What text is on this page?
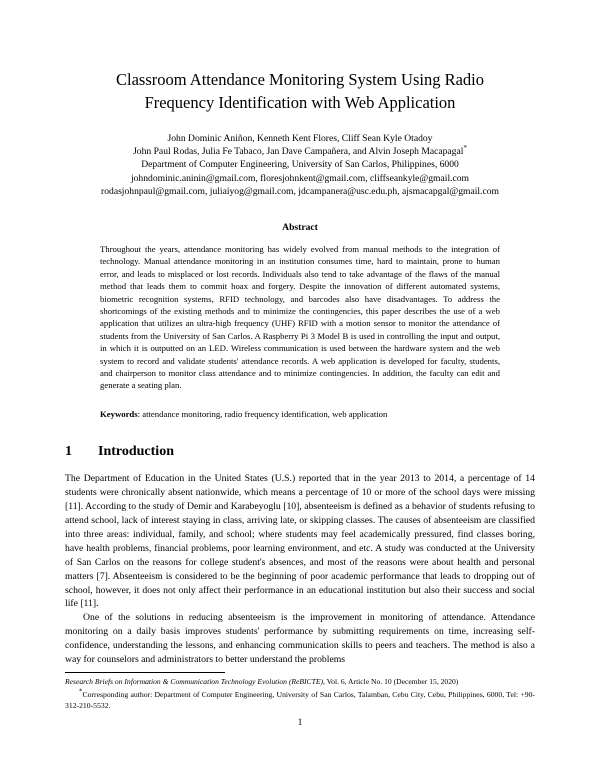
Classroom Attendance Monitoring System Using Radio Frequency Identification with Web Application
John Dominic Aniñon, Kenneth Kent Flores, Cliff Sean Kyle Otadoy
John Paul Rodas, Julia Fe Tabaco, Jan Dave Campañera, and Alvin Joseph Macapagal*
Department of Computer Engineering, University of San Carlos, Philippines, 6000
johndominic.aninin@gmail.com, floresjohnkent@gmail.com, cliffseankyle@gmail.com
rodasjohnpaul@gmail.com, juliaiyog@gmail.com, jdcampanera@usc.edu.ph, ajsmacapgal@gmail.com
Abstract
Throughout the years, attendance monitoring has widely evolved from manual methods to the integration of technology. Manual attendance monitoring in an institution consumes time, hard to maintain, prone to human error, and leads to misplaced or lost records. Individuals also tend to take advantage of the flaws of the manual method that leads them to commit hoax and forgery. Despite the innovation of different automated systems, biometric recognition systems, RFID technology, and barcodes also have disadvantages. To address the shortcomings of the existing methods and to minimize the contingencies, this paper describes the use of a web application that utilizes an ultra-high frequency (UHF) RFID with a motion sensor to monitor the attendance of students from the University of San Carlos. A Raspberry Pi 3 Model B is used in controlling the input and output, in which it is outputted on an LED. Wireless communication is used between the hardware system and the web system to record and validate students' attendance records. A web application is developed for faculty, students, and chairperson to monitor class attendance and to minimize contingencies. In addition, the faculty can edit and generate a seating plan.
Keywords: attendance monitoring, radio frequency identification, web application
1	Introduction

The Department of Education in the United States (U.S.) reported that in the year 2013 to 2014, a percentage of 14 students were chronically absent nationwide, which means a percentage of 10 or more of the school days were missing [11]. According to the study of Demir and Karabeyoglu [10], absenteeism is defined as a behavior of students refusing to attend school, lack of interest staying in class, arriving late, or skipping classes. The causes of absenteeism are classified into three areas: individual, family, and school; where students may feel academically pressured, find classes boring, have health problems, financial problems, poor learning environment, and etc. A study was conducted at the University of San Carlos on the reasons for college student's absences, and most of the reasons were about health and personal matters [7]. Absenteeism is considered to be the beginning of poor academic performance that leads to dropping out of school, however, it does not only affect their performance in an educational institution but also their success and social life [11].

One of the solutions in reducing absenteeism is the improvement in monitoring of attendance. Attendance monitoring on a daily basis improves students' performance by submitting requirements on time, increasing self-confidence, understanding the lessons, and enhancing communication skills to peers and teachers. The method is also a way for counselors and administrators to better understand the problems

Research Briefs on Information & Communication Technology Evolution (ReBICTE), Vol. 6, Article No. 10 (December 15, 2020)
*Corresponding author: Department of Computer Engineering, University of San Carlos, Talamban, Cebu City, Cebu, Philippines, 6000, Tel: +90-312-210-5532.
1
